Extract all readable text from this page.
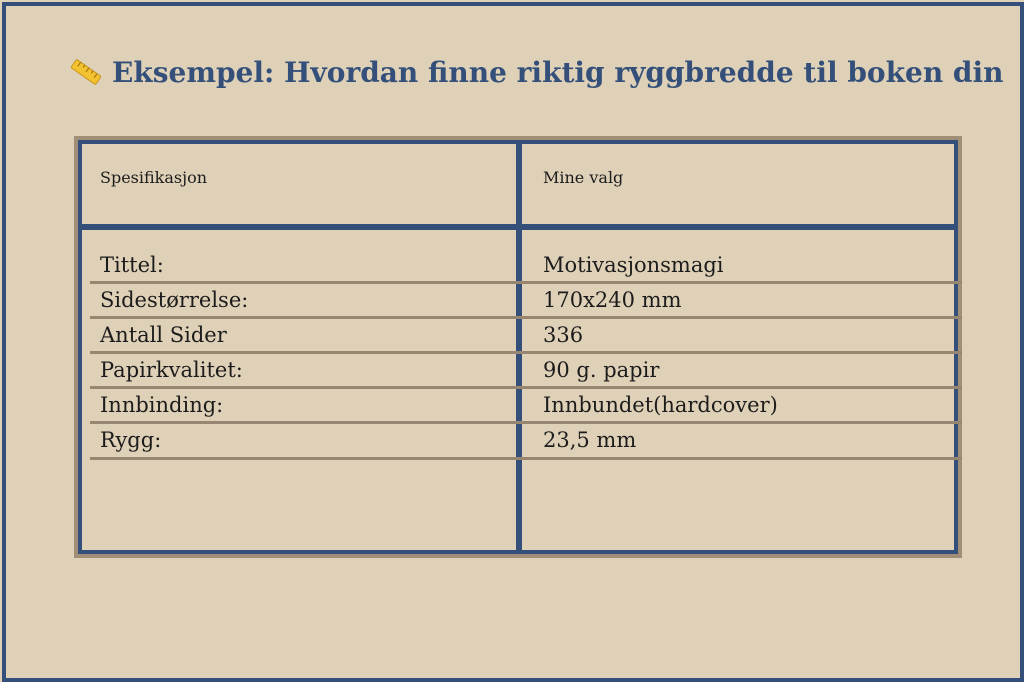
Eksempel: Hvordan finne riktig ryggbredde til boken din
Spesifikasjon	Mine valg
Tittel:	Motivasjonsmagi
Sidestørrelse:	170x240 mm
Antall Sider	336
Papirkvalitet:	90 g. papir
Innbinding:	Innbundet(hardcover)
Rygg:	23,5 mm
